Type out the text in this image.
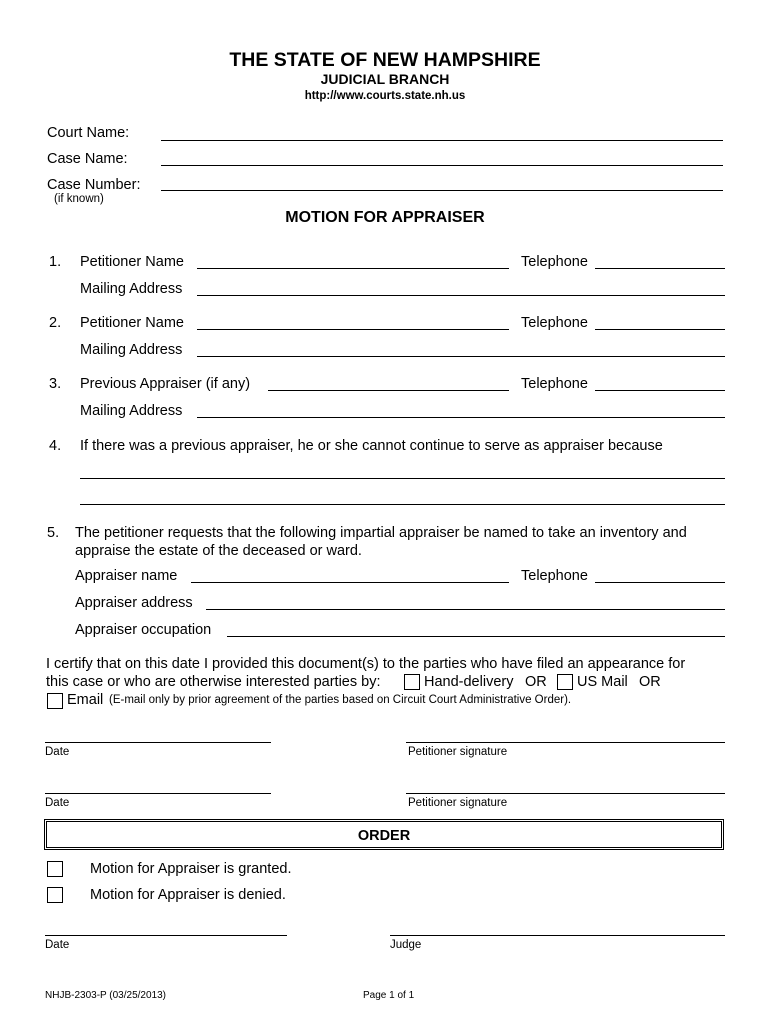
THE STATE OF NEW HAMPSHIRE
JUDICIAL BRANCH
http://www.courts.state.nh.us
Court Name:
Case Name:
Case Number:
(if known)
MOTION FOR APPRAISER
1. Petitioner Name	Telephone
Mailing Address
2. Petitioner Name	Telephone
Mailing Address
3. Previous Appraiser (if any)	Telephone
Mailing Address
4. If there was a previous appraiser, he or she cannot continue to serve as appraiser because
5. The petitioner requests that the following impartial appraiser be named to take an inventory and
appraise the estate of the deceased or ward.
Appraiser name	Telephone
Appraiser address
Appraiser occupation
I certify that on this date I provided this document(s) to the parties who have filed an appearance for
this case or who are otherwise interested parties by:	Hand-delivery OR US Mail OR
Email (E-mail only by prior agreement of the parties based on Circuit Court Administrative Order).
Date	Petitioner signature
Date	Petitioner signature
ORDER
Motion for Appraiser is granted.
Motion for Appraiser is denied.
Date	Judge
NHJB-2303-P (03/25/2013)	Page 1 of 1
